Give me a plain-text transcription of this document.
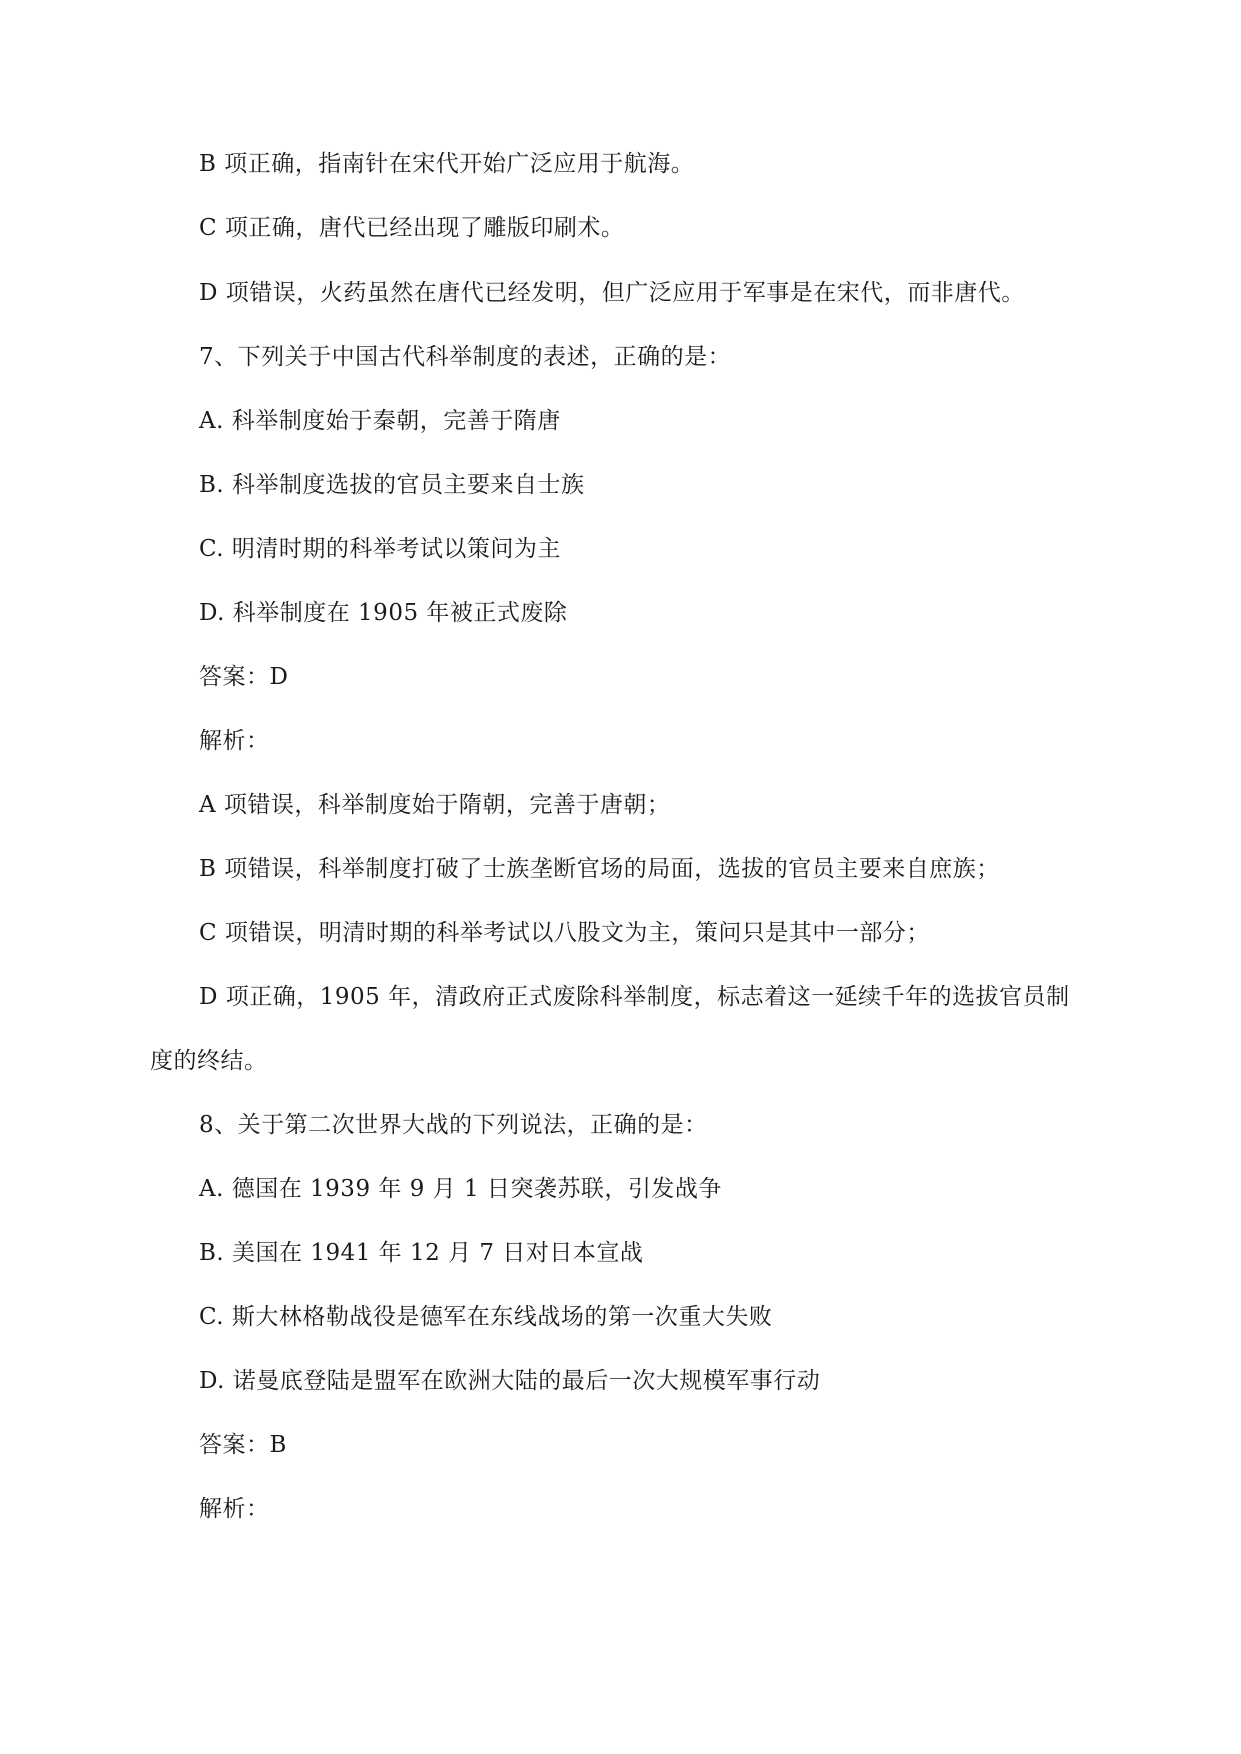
B 项正确，指南针在宋代开始广泛应用于航海。
C 项正确，唐代已经出现了雕版印刷术。
D 项错误，火药虽然在唐代已经发明，但广泛应用于军事是在宋代，而非唐代。
7、下列关于中国古代科举制度的表述，正确的是：
A. 科举制度始于秦朝，完善于隋唐
B. 科举制度选拔的官员主要来自士族
C. 明清时期的科举考试以策问为主
D. 科举制度在 1905 年被正式废除
答案：D
解析：
A 项错误，科举制度始于隋朝，完善于唐朝；
B 项错误，科举制度打破了士族垄断官场的局面，选拔的官员主要来自庶族；
C 项错误，明清时期的科举考试以八股文为主，策问只是其中一部分；
D 项正确，1905 年，清政府正式废除科举制度，标志着这一延续千年的选拔官员制
度的终结。
8、关于第二次世界大战的下列说法，正确的是：
A. 德国在 1939 年 9 月 1 日突袭苏联，引发战争
B. 美国在 1941 年 12 月 7 日对日本宣战
C. 斯大林格勒战役是德军在东线战场的第一次重大失败
D. 诺曼底登陆是盟军在欧洲大陆的最后一次大规模军事行动
答案：B
解析：
